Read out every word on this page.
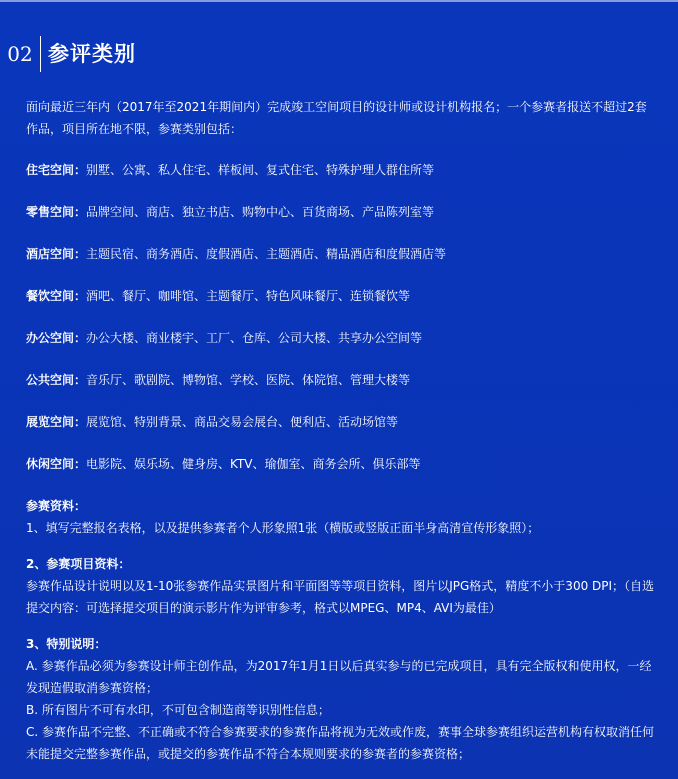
02 参评类别

面向最近三年内（2017年至2021年期间内）完成竣工空间项目的设计师或设计机构报名；一个参赛者报送不超过2套作品，项目所在地不限，参赛类别包括：

住宅空间：别墅、公寓、私人住宅、样板间、复式住宅、特殊护理人群住所等
零售空间：品牌空间、商店、独立书店、购物中心、百货商场、产品陈列室等
酒店空间：主题民宿、商务酒店、度假酒店、主题酒店、精品酒店和度假酒店等
餐饮空间：酒吧、餐厅、咖啡馆、主题餐厅、特色风味餐厅、连锁餐饮等
办公空间：办公大楼、商业楼宇、工厂、仓库、公司大楼、共享办公空间等
公共空间：音乐厅、歌剧院、博物馆、学校、医院、体院馆、管理大楼等
展览空间：展览馆、特别背景、商品交易会展台、便利店、活动场馆等
休闲空间：电影院、娱乐场、健身房、KTV、瑜伽室、商务会所、俱乐部等
参赛资料：

1、填写完整报名表格，以及提供参赛者个人形象照1张（横版或竖版正面半身高清宣传形象照）；

2、参赛项目资料：

参赛作品设计说明以及1-10张参赛作品实景图片和平面图等等项目资料，图片以JPG格式，精度不小于300 DPI；（自选提交内容：可选择提交项目的演示影片作为评审参考，格式以MPEG、MP4、AVI为最佳）

3、特别说明：

A. 参赛作品必须为参赛设计师主创作品，为2017年1月1日以后真实参与的已完成项目，具有完全版权和使用权，一经发现造假取消参赛资格；

B. 所有图片不可有水印，不可包含制造商等识别性信息；

C. 参赛作品不完整、不正确或不符合参赛要求的参赛作品将视为无效或作废，赛事全球参赛组织运营机构有权取消任何未能提交完整参赛作品，或提交的参赛作品不符合本规则要求的参赛者的参赛资格；
